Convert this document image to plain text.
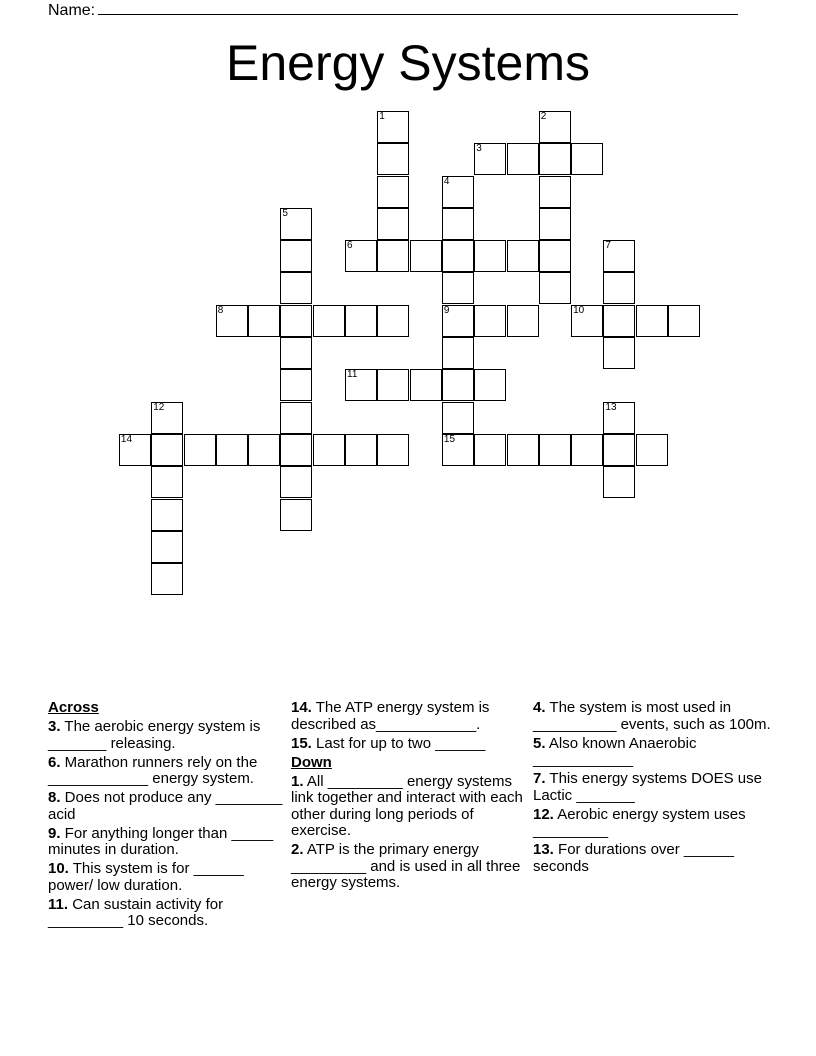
Name:
Energy Systems
1	2
3
4
5
6	7
8	9	10
11
12	13
14	15
Across
3. The aerobic energy system is _______ releasing.
6. Marathon runners rely on the ____________ energy system.
8. Does not produce any ________ acid
9. For anything longer than _____ minutes in duration.
10. This system is for ______ power/ low duration.
11. Can sustain activity for _________ 10 seconds.
14. The ATP energy system is described as____________.
15. Last for up to two ______
Down
1. All _________ energy systems link together and interact with each other during long periods of exercise.
2. ATP is the primary energy _________ and is used in all three energy systems.
4. The system is most used in __________ events, such as 100m.
5. Also known Anaerobic ____________
7. This energy systems DOES use Lactic _______
12. Aerobic energy system uses _________
13. For durations over ______ seconds
